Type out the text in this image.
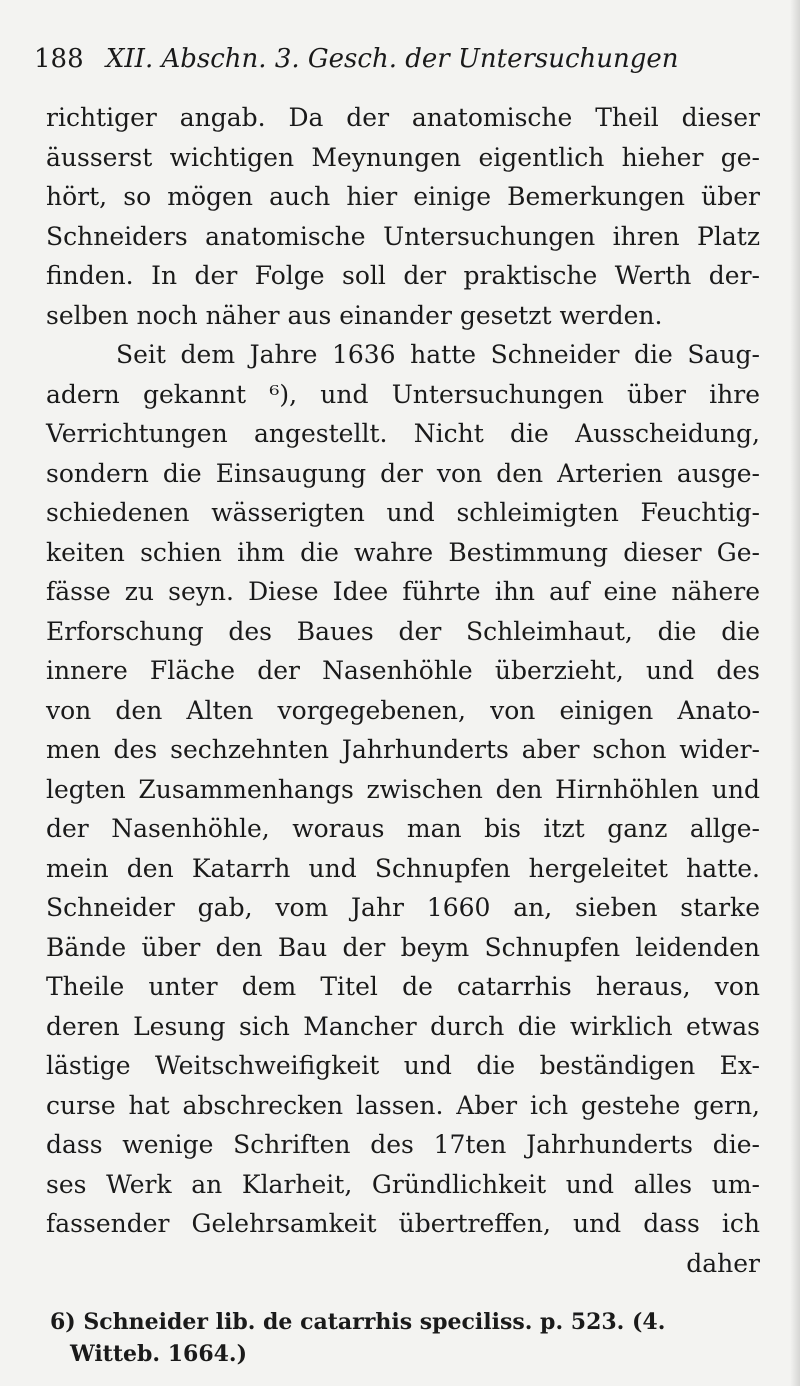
188 XII. Abschn. 3. Gesch. der Untersuchungen
richtiger angab. Da der anatomische Theil dieser
äusserst wichtigen Meynungen eigentlich hieher ge-
hört, so mögen auch hier einige Bemerkungen über
Schneiders anatomische Untersuchungen ihren Platz
finden. In der Folge soll der praktische Werth der-
selben noch näher aus einander gesetzt werden.
Seit dem Jahre 1636 hatte Schneider die Saug-
adern gekannt ⁶), und Untersuchungen über ihre
Verrichtungen angestellt. Nicht die Ausscheidung,
sondern die Einsaugung der von den Arterien ausge-
schiedenen wässerigten und schleimigten Feuchtig-
keiten schien ihm die wahre Bestimmung dieser Ge-
fässe zu seyn. Diese Idee führte ihn auf eine nähere
Erforschung des Baues der Schleimhaut, die die
innere Fläche der Nasenhöhle überzieht, und des
von den Alten vorgegebenen, von einigen Anato-
men des sechzehnten Jahrhunderts aber schon wider-
legten Zusammenhangs zwischen den Hirnhöhlen und
der Nasenhöhle, woraus man bis itzt ganz allge-
mein den Katarrh und Schnupfen hergeleitet hatte.
Schneider gab, vom Jahr 1660 an, sieben starke
Bände über den Bau der beym Schnupfen leidenden
Theile unter dem Titel de catarrhis heraus, von
deren Lesung sich Mancher durch die wirklich etwas
lästige Weitschweifigkeit und die beständigen Ex-
curse hat abschrecken lassen. Aber ich gestehe gern,
dass wenige Schriften des 17ten Jahrhunderts die-
ses Werk an Klarheit, Gründlichkeit und alles um-
fassender Gelehrsamkeit übertreffen, und dass ich
daher
6) Schneider lib. de catarrhis speciliss. p. 523. (4.
Witteb. 1664.)
